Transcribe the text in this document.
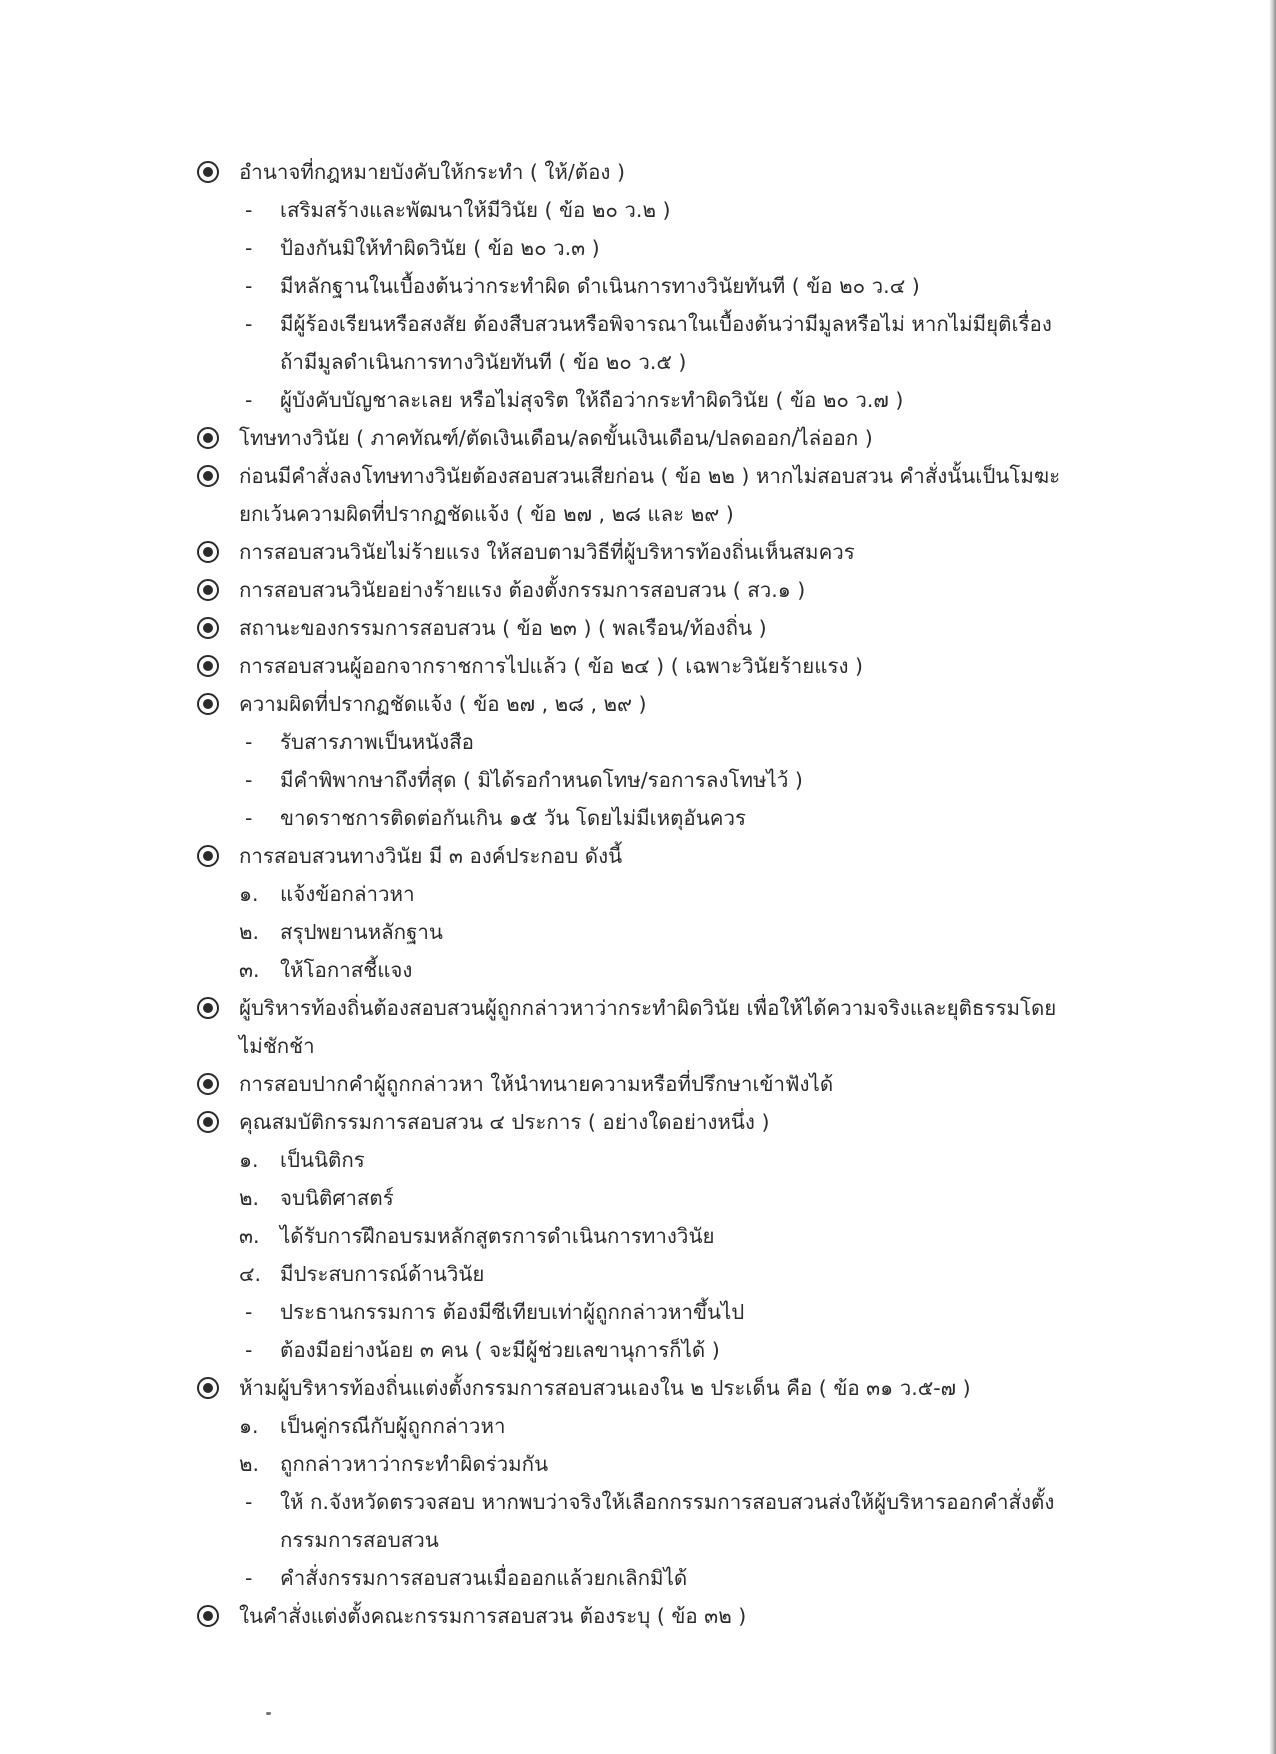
อำนาจที่กฎหมายบังคับให้กระทำ ( ให้/ต้อง )
- เสริมสร้างและพัฒนาให้มีวินัย ( ข้อ ๒๐ ว.๒ )
- ป้องกันมิให้ทำผิดวินัย ( ข้อ ๒๐ ว.๓ )
- มีหลักฐานในเบื้องต้นว่ากระทำผิด ดำเนินการทางวินัยทันที ( ข้อ ๒๐ ว.๔ )
- มีผู้ร้องเรียนหรือสงสัย ต้องสืบสวนหรือพิจารณาในเบื้องต้นว่ามีมูลหรือไม่ หากไม่มียุติเรื่อง
ถ้ามีมูลดำเนินการทางวินัยทันที ( ข้อ ๒๐ ว.๕ )
- ผู้บังคับบัญชาละเลย หรือไม่สุจริต ให้ถือว่ากระทำผิดวินัย ( ข้อ ๒๐ ว.๗ )
โทษทางวินัย ( ภาคทัณฑ์/ตัดเงินเดือน/ลดขั้นเงินเดือน/ปลดออก/ไล่ออก )
ก่อนมีคำสั่งลงโทษทางวินัยต้องสอบสวนเสียก่อน ( ข้อ ๒๒ ) หากไม่สอบสวน คำสั่งนั้นเป็นโมฆะ
ยกเว้นความผิดที่ปรากฏชัดแจ้ง ( ข้อ ๒๗ , ๒๘ และ ๒๙ )
การสอบสวนวินัยไม่ร้ายแรง ให้สอบตามวิธีที่ผู้บริหารท้องถิ่นเห็นสมควร
การสอบสวนวินัยอย่างร้ายแรง ต้องตั้งกรรมการสอบสวน ( สว.๑ )
สถานะของกรรมการสอบสวน ( ข้อ ๒๓ ) ( พลเรือน/ท้องถิ่น )
การสอบสวนผู้ออกจากราชการไปแล้ว ( ข้อ ๒๔ ) ( เฉพาะวินัยร้ายแรง )
ความผิดที่ปรากฏชัดแจ้ง ( ข้อ ๒๗ , ๒๘ , ๒๙ )
- รับสารภาพเป็นหนังสือ
- มีคำพิพากษาถึงที่สุด ( มิได้รอกำหนดโทษ/รอการลงโทษไว้ )
- ขาดราชการติดต่อกันเกิน ๑๕ วัน โดยไม่มีเหตุอันควร
การสอบสวนทางวินัย มี ๓ องค์ประกอบ ดังนี้
๑. แจ้งข้อกล่าวหา
๒. สรุปพยานหลักฐาน
๓. ให้โอกาสชี้แจง
ผู้บริหารท้องถิ่นต้องสอบสวนผู้ถูกกล่าวหาว่ากระทำผิดวินัย เพื่อให้ได้ความจริงและยุติธรรมโดย
ไม่ชักช้า
การสอบปากคำผู้ถูกกล่าวหา ให้นำทนายความหรือที่ปรึกษาเข้าฟังได้
คุณสมบัติกรรมการสอบสวน ๔ ประการ ( อย่างใดอย่างหนึ่ง )
๑. เป็นนิติกร
๒. จบนิติศาสตร์
๓. ได้รับการฝึกอบรมหลักสูตรการดำเนินการทางวินัย
๔. มีประสบการณ์ด้านวินัย
- ประธานกรรมการ ต้องมีซีเทียบเท่าผู้ถูกกล่าวหาขึ้นไป
- ต้องมีอย่างน้อย ๓ คน ( จะมีผู้ช่วยเลขานุการก็ได้ )
ห้ามผู้บริหารท้องถิ่นแต่งตั้งกรรมการสอบสวนเองใน ๒ ประเด็น คือ ( ข้อ ๓๑ ว.๕-๗ )
๑. เป็นคู่กรณีกับผู้ถูกกล่าวหา
๒. ถูกกล่าวหาว่ากระทำผิดร่วมกัน
- ให้ ก.จังหวัดตรวจสอบ หากพบว่าจริงให้เลือกกรรมการสอบสวนส่งให้ผู้บริหารออกคำสั่งตั้ง
กรรมการสอบสวน
- คำสั่งกรรมการสอบสวนเมื่อออกแล้วยกเลิกมิได้
ในคำสั่งแต่งตั้งคณะกรรมการสอบสวน ต้องระบุ ( ข้อ ๓๒ )
